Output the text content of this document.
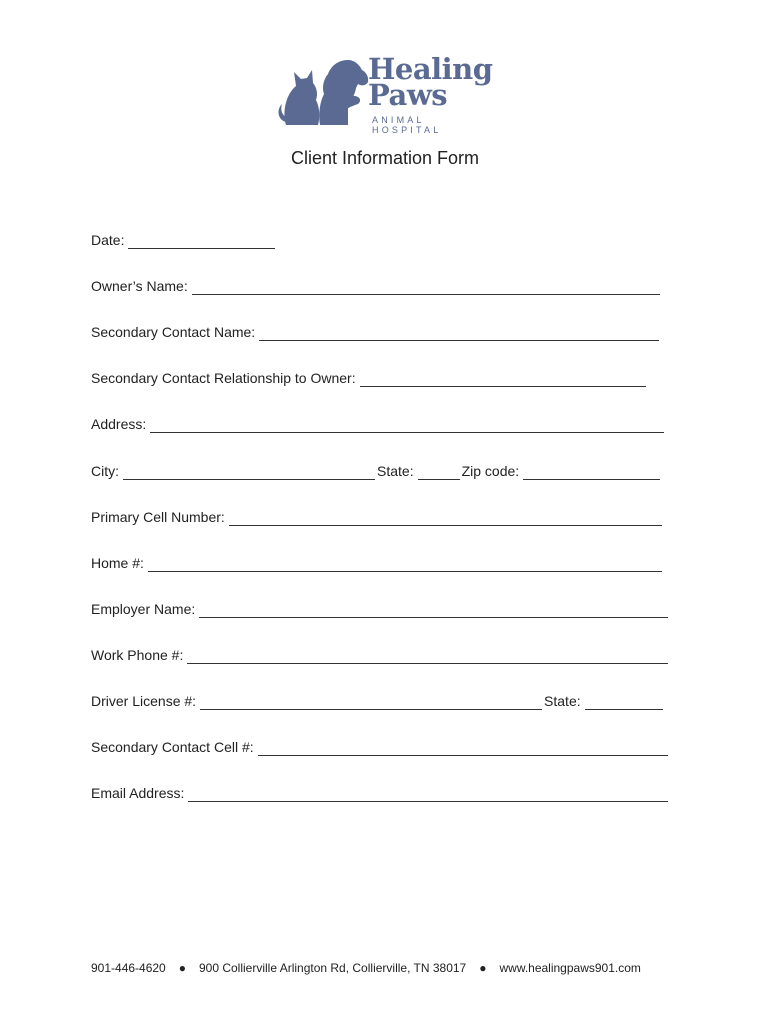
Healing
Paws
ANIMAL HOSPITAL
Client Information Form
Date:
Owner’s Name:
Secondary Contact Name:
Secondary Contact Relationship to Owner:
Address:
City:	State:	Zip code:
Primary Cell Number:
Home #:
Employer Name:
Work Phone #:
Driver License #:	State:
Secondary Contact Cell #:
Email Address:
901-446-4620 ● 900 Collierville Arlington Rd, Collierville, TN 38017 ● www.healingpaws901.com
